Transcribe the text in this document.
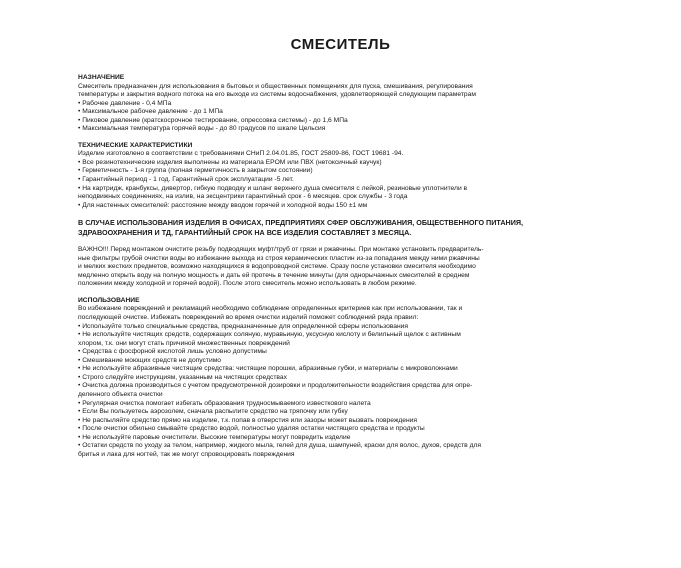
СМЕСИТЕЛЬ

НАЗНАЧЕНИЕ

Смеситель предназначен для использования в бытовых и общественных помещениях для пуска, смешивания, регулирования

температуры и закрытия водного потока на его выходе из системы водоснабжения, удовлетворяющей следующим параметрам

• Рабочее давление - 0,4 МПа

• Максимальное рабочее давление - до 1 МПа

• Пиковое давление (кратскосрочное тестирование, опрессовка системы) - до 1,6 МПа

• Максимальная температура горячей воды - до 80 градусов по шкале Цельсия

ТЕХНИЧЕСКИЕ ХАРАКТЕРИСТИКИ

Изделие изготовлено в соответствии с требованиями СНиП 2.04.01.85, ГОСТ 25809-86, ГОСТ 19681 -94.

• Все резинотехнические изделия выполнены из материала EPOM или ПВХ (нетоксичный каучук)

• Герметичность - 1-я группа (полная герметичность в закрытом состоянии)

• Гарантийный период - 1 год. Гарантийный срок эксплуатации -5 лет.

• На картридж, кранбуксы, дивертор, гибкую подводку и шланг верхнего душа смесителя с лейкой, резиновые уплотнители в

неподвижных соединениях, на излив, на эксцентрики гарантийный срок - 6 месяцев. срок службы - 3 года

• Для настенных смесителей: расстояние между вводом горячей и холодной воды 150 ±1 мм

В СЛУЧАЕ ИСПОЛЬЗОВАНИЯ ИЗДЕЛИЯ В ОФИСАХ, ПРЕДПРИЯТИЯХ СФЕР ОБСЛУЖИВАНИЯ, ОБЩЕСТВЕННОГО ПИТАНИЯ,

ЗДРАВООХРАНЕНИЯ И ТД, ГАРАНТИЙНЫЙ СРОК НА ВСЕ ИЗДЕЛИЯ СОСТАВЛЯЕТ 3 МЕСЯЦА.

ВАЖНО!!! Перед монтажом очистите резьбу подводящих муфт/труб от грязи и ржавчины. При монтаже установить предваритель-

ные фильтры грубой очистки воды во избежание выхода из строя керамических пластин из-за попадания между ними ржавчины

и мелких жестких предметов, возможно находящихся в водопроводной системе. Сразу после установки смесителя необходимо

медленно открыть воду на полную мощность и дать ей протечь в течение минуты (для однорычажных смесителей в среднем

положении между холодной и горячей водой). После этого смеситель можно использовать в любом режиме.

ИСПОЛЬЗОВАНИЕ

Во избежание повреждений и рекламаций необходимо соблюдение определенных критериев как при использовании, так и

последующей очистке. Избежать повреждений во время очистки изделий поможет соблюдений ряда правил:

• Используйте только специальные средства, предназначенные для определенной сферы использования

• Не используйте чистящих средств, содержащих соляную, муравьиную, уксусную кислоту и белильный щелок с активным

хлором, т.к. они могут стать причиной множественных повреждений

• Средства с фосфорной кислотой лишь условно допустимы

• Смешивание моющих средств не допустимо

• Не используйте абразивные чистящие средства: чистящие порошки, абразивные губки, и материалы с микроволокнами

• Строго следуйте инструкциям, указанным на чистящих средствах

• Очистка должна производиться с учетом предусмотренной дозировки и продолжительности воздействия средства для опре-

деленного объекта очистки

• Регулярная очистка помогает избегать образования трудносмываемого известкового налета

• Если Вы пользуетесь аэрозолем, сначала распылите средство на тряпочку или губку

• Не распыляйте средство прямо на изделие, т.к. попав в отверстия или зазоры может вызвать повреждения

• После очистки обильно смывайте средство водой, полностью удаляя остатки чистящего средства и продукты

• Не используйте паровые очистители. Высокие температуры могут повредить изделие

• Остатки средств по уходу за телом, например, жидкого мыла, гелей для душа, шампуней, краски для волос, духов, средств для

бритья и лака для ногтей, так же могут спровоцировать повреждения
